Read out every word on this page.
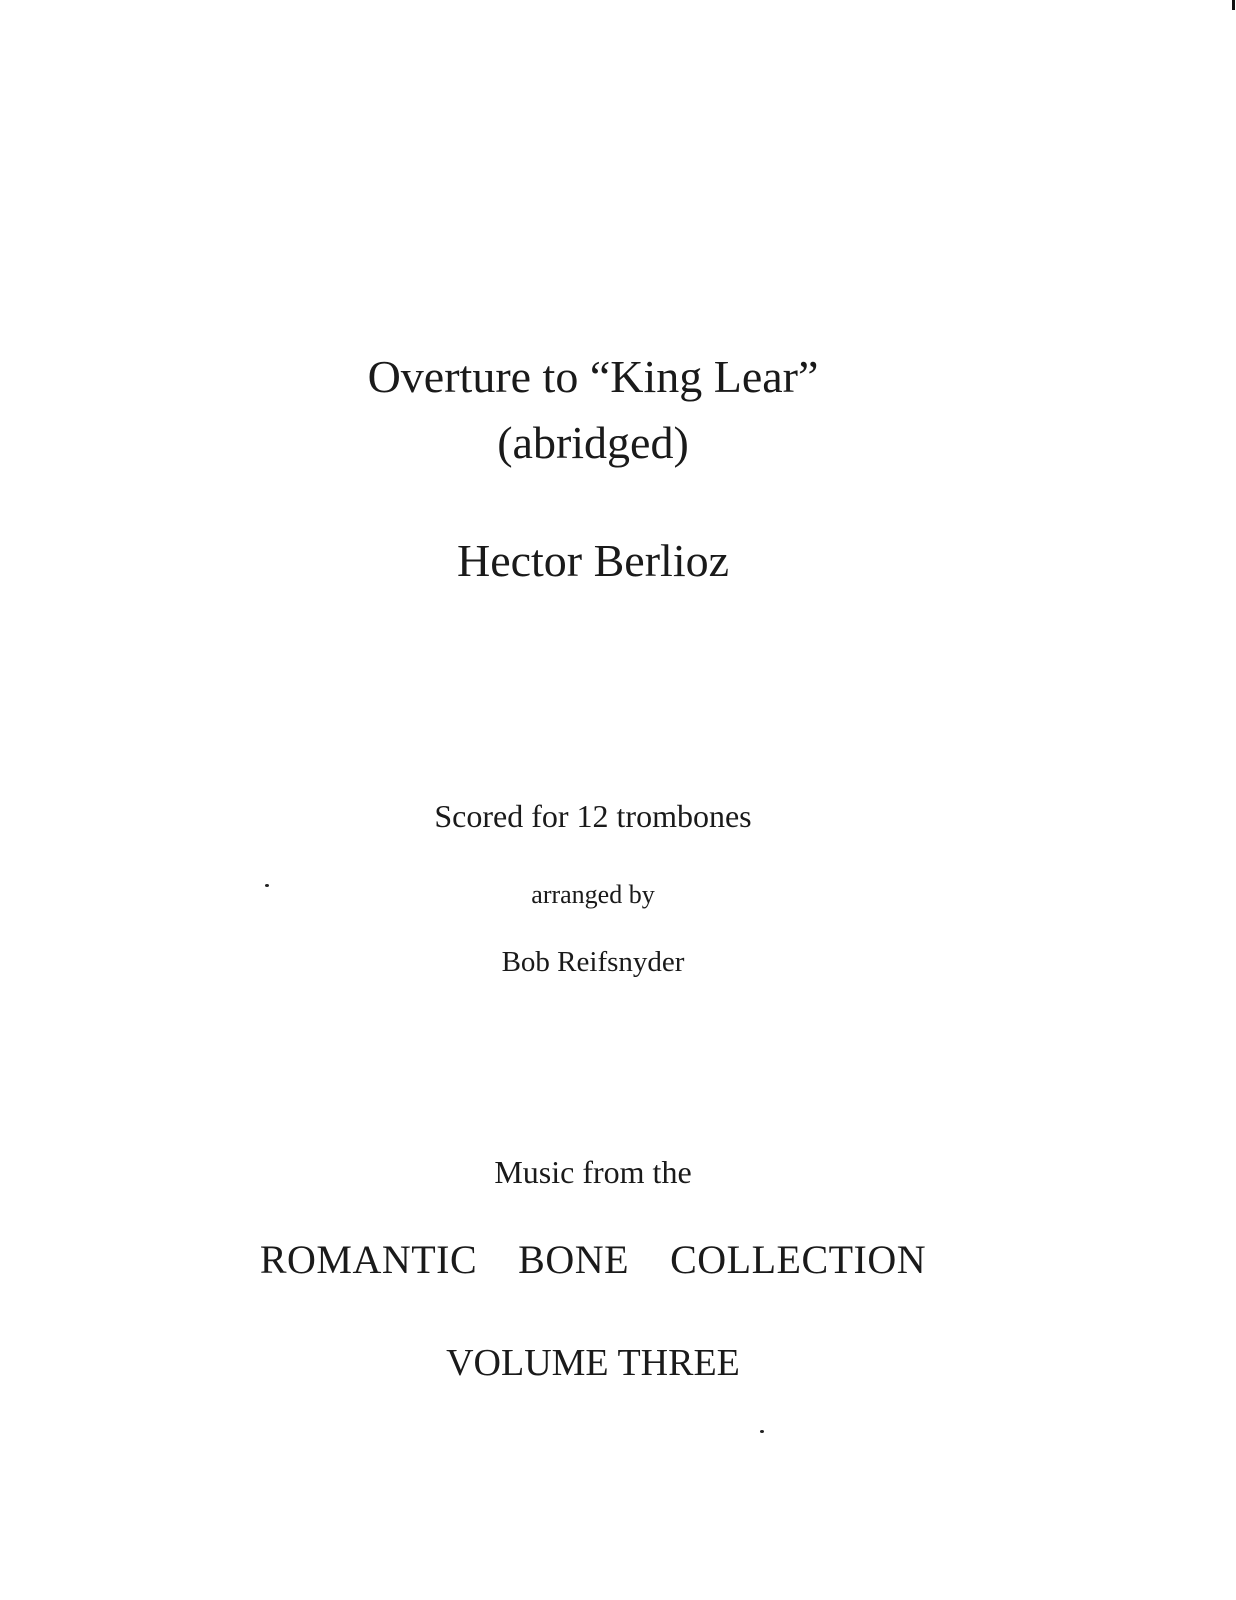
Overture to “King Lear”
(abridged)
Hector Berlioz
Scored for 12 trombones
arranged by
Bob Reifsnyder
Music from the
ROMANTIC  BONE  COLLECTION
VOLUME THREE
